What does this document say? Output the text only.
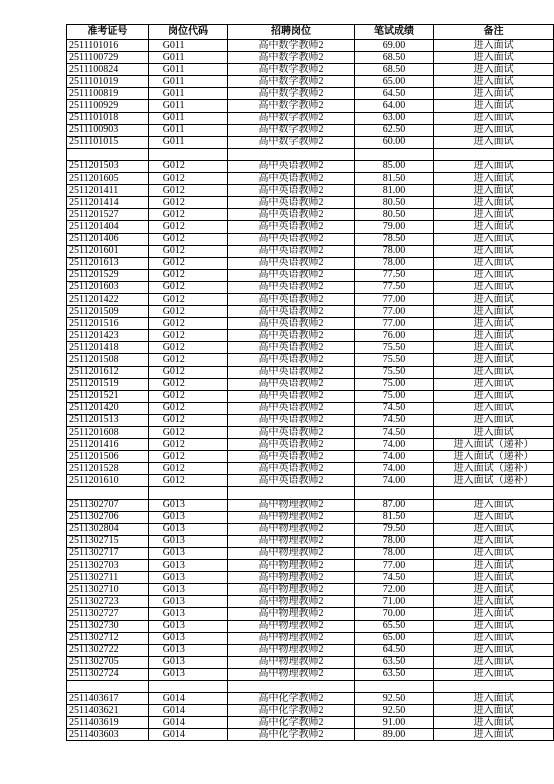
准考证号	岗位代码	招聘岗位	笔试成绩	备注
2511101016	G011	高中数学教师2	69.00	进入面试
2511100729	G011	高中数学教师2	68.50	进入面试
2511100824	G011	高中数学教师2	68.50	进入面试
2511101019	G011	高中数学教师2	65.00	进入面试
2511100819	G011	高中数学教师2	64.50	进入面试
2511100929	G011	高中数学教师2	64.00	进入面试
2511101018	G011	高中数学教师2	63.00	进入面试
2511100903	G011	高中数学教师2	62.50	进入面试
2511101015	G011	高中数学教师2	60.00	进入面试

2511201503	G012	高中英语教师2	85.00	进入面试
2511201605	G012	高中英语教师2	81.50	进入面试
2511201411	G012	高中英语教师2	81.00	进入面试
2511201414	G012	高中英语教师2	80.50	进入面试
2511201527	G012	高中英语教师2	80.50	进入面试
2511201404	G012	高中英语教师2	79.00	进入面试
2511201406	G012	高中英语教师2	78.50	进入面试
2511201601	G012	高中英语教师2	78.00	进入面试
2511201613	G012	高中英语教师2	78.00	进入面试
2511201529	G012	高中英语教师2	77.50	进入面试
2511201603	G012	高中英语教师2	77.50	进入面试
2511201422	G012	高中英语教师2	77.00	进入面试
2511201509	G012	高中英语教师2	77.00	进入面试
2511201516	G012	高中英语教师2	77.00	进入面试
2511201423	G012	高中英语教师2	76.00	进入面试
2511201418	G012	高中英语教师2	75.50	进入面试
2511201508	G012	高中英语教师2	75.50	进入面试
2511201612	G012	高中英语教师2	75.50	进入面试
2511201519	G012	高中英语教师2	75.00	进入面试
2511201521	G012	高中英语教师2	75.00	进入面试
2511201420	G012	高中英语教师2	74.50	进入面试
2511201513	G012	高中英语教师2	74.50	进入面试
2511201608	G012	高中英语教师2	74.50	进入面试
2511201416	G012	高中英语教师2	74.00	进入面试（递补）
2511201506	G012	高中英语教师2	74.00	进入面试（递补）
2511201528	G012	高中英语教师2	74.00	进入面试（递补）
2511201610	G012	高中英语教师2	74.00	进入面试（递补）

2511302707	G013	高中物理教师2	87.00	进入面试
2511302706	G013	高中物理教师2	81.50	进入面试
2511302804	G013	高中物理教师2	79.50	进入面试
2511302715	G013	高中物理教师2	78.00	进入面试
2511302717	G013	高中物理教师2	78.00	进入面试
2511302703	G013	高中物理教师2	77.00	进入面试
2511302711	G013	高中物理教师2	74.50	进入面试
2511302710	G013	高中物理教师2	72.00	进入面试
2511302723	G013	高中物理教师2	71.00	进入面试
2511302727	G013	高中物理教师2	70.00	进入面试
2511302730	G013	高中物理教师2	65.50	进入面试
2511302712	G013	高中物理教师2	65.00	进入面试
2511302722	G013	高中物理教师2	64.50	进入面试
2511302705	G013	高中物理教师2	63.50	进入面试
2511302724	G013	高中物理教师2	63.50	进入面试

2511403617	G014	高中化学教师2	92.50	进入面试
2511403621	G014	高中化学教师2	92.50	进入面试
2511403619	G014	高中化学教师2	91.00	进入面试
2511403603	G014	高中化学教师2	89.00	进入面试
